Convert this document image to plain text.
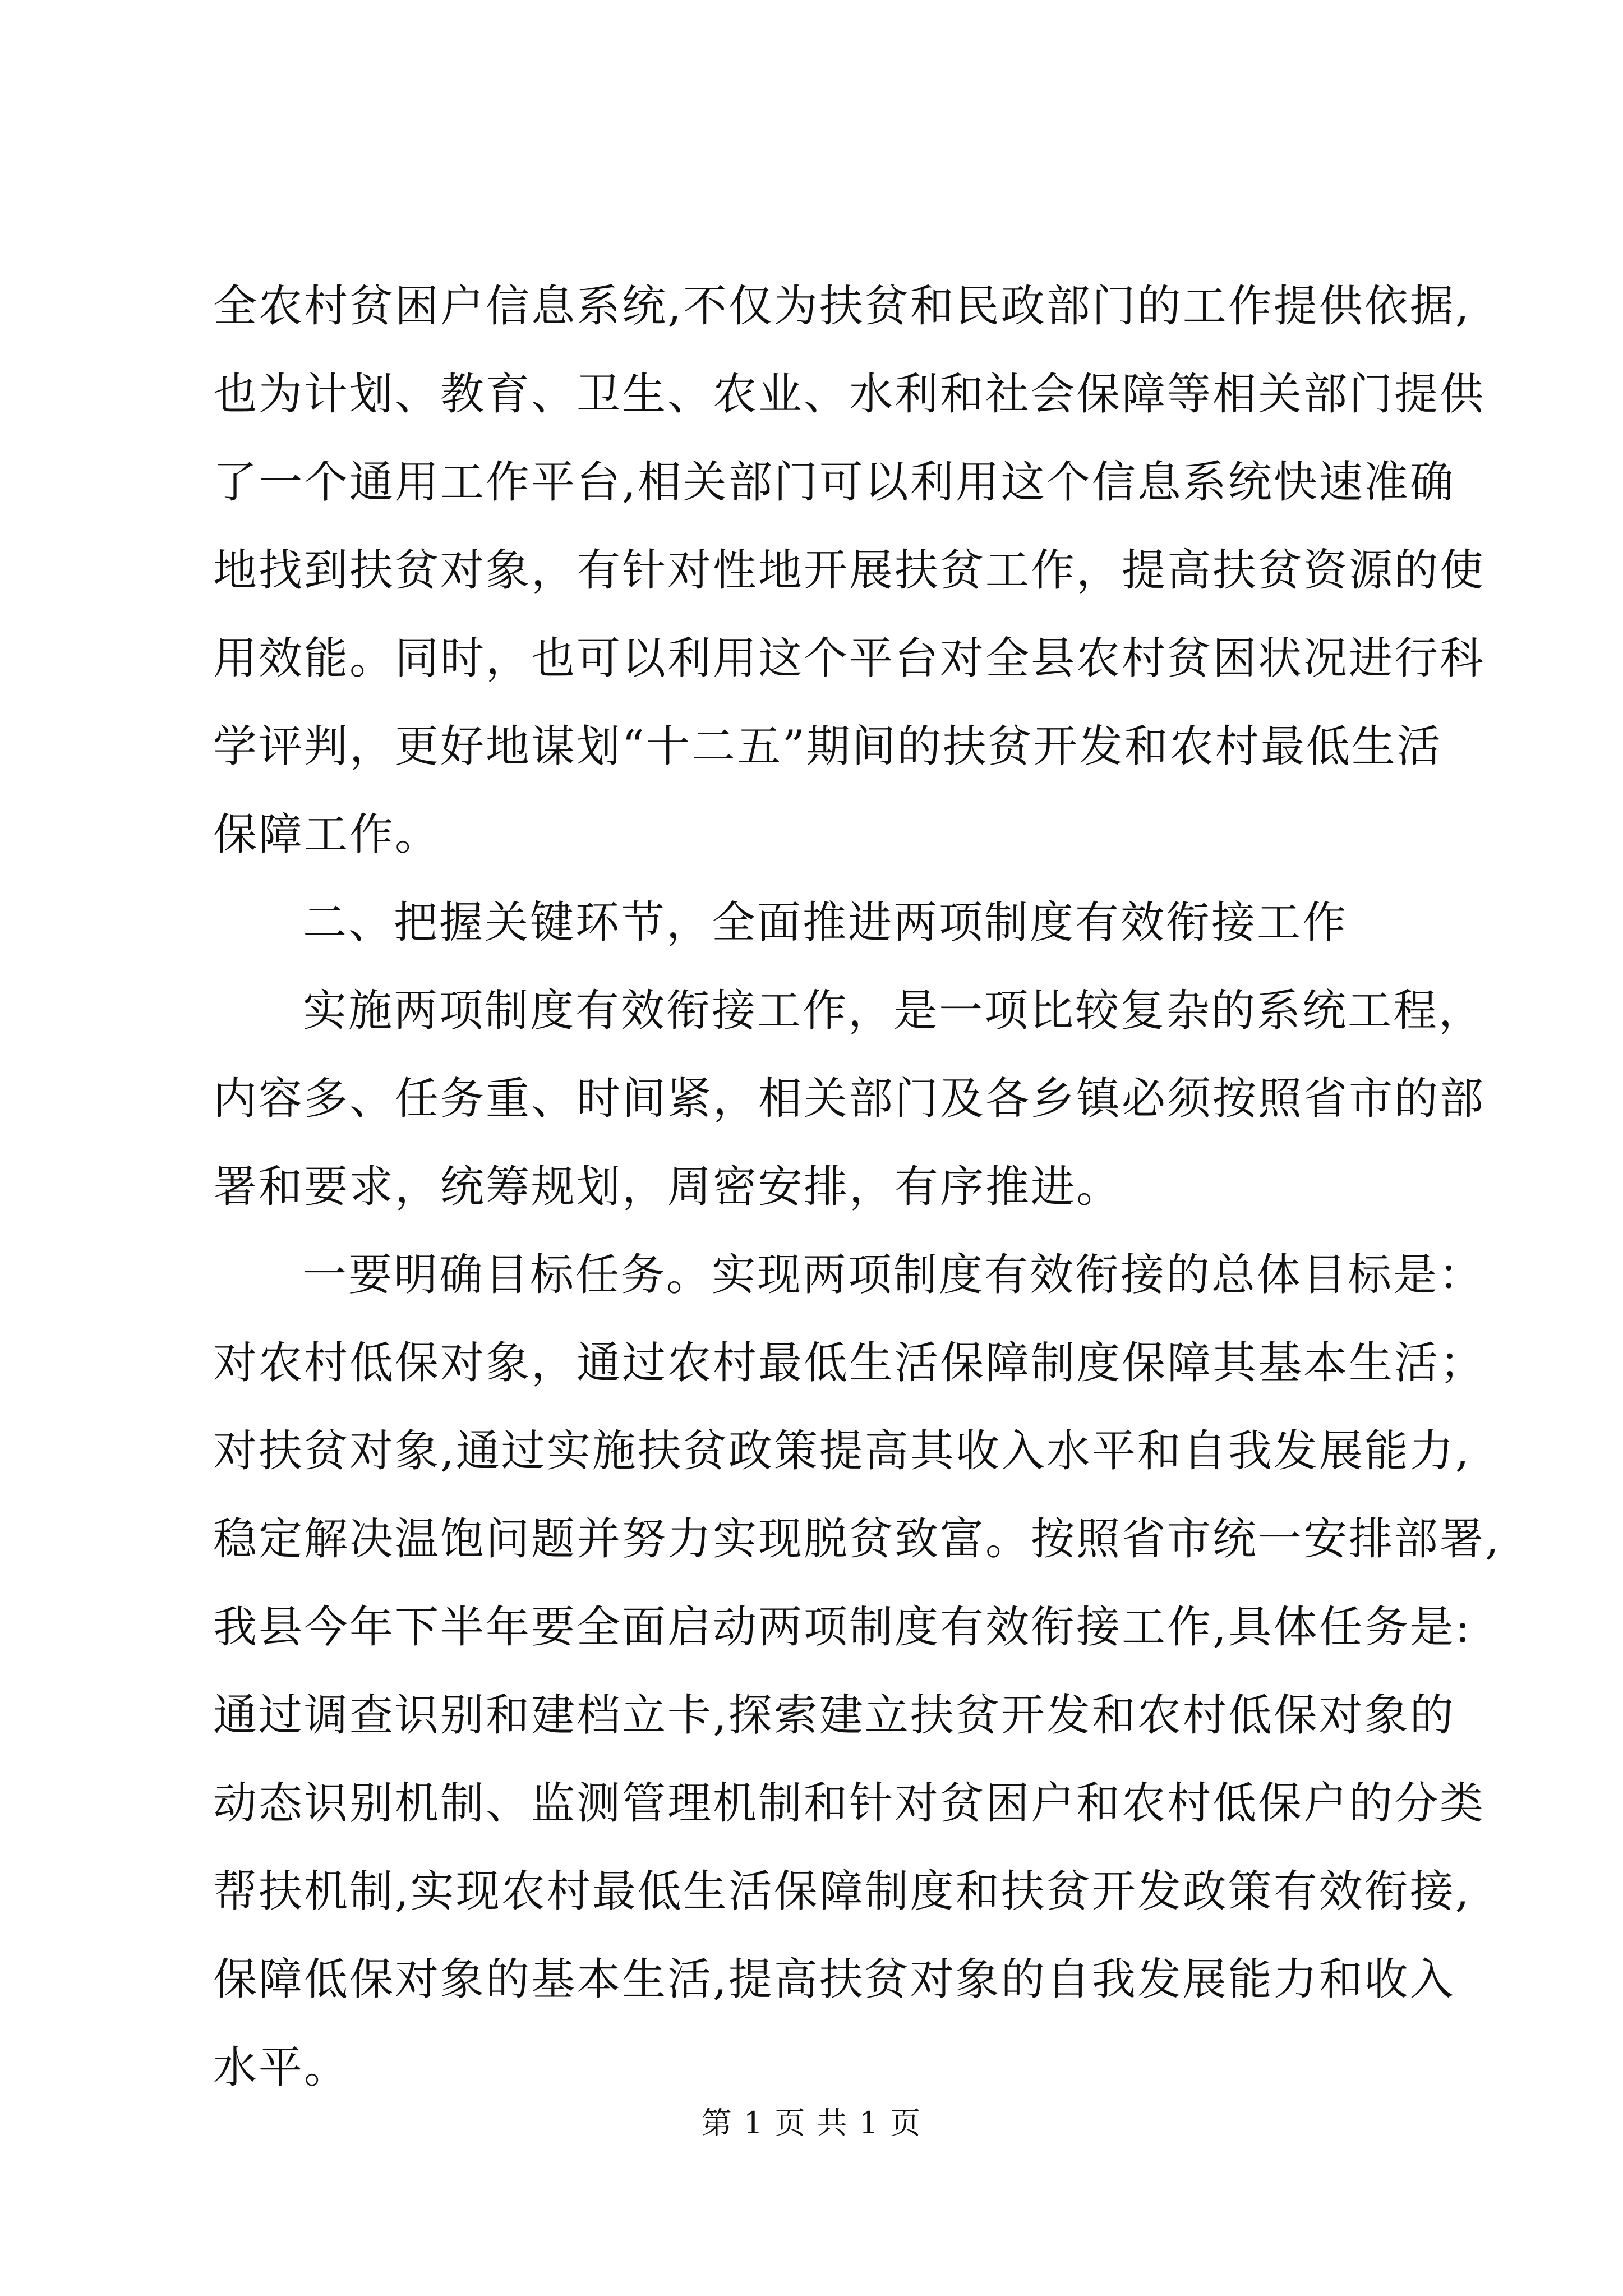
全农村贫困户信息系统,不仅为扶贫和民政部门的工作提供依据,
也为计划、教育、卫生、农业、水利和社会保障等相关部门提供
了一个通用工作平台,相关部门可以利用这个信息系统快速准确
地找到扶贫对象，有针对性地开展扶贫工作，提高扶贫资源的使
用效能。同时，也可以利用这个平台对全县农村贫困状况进行科
学评判，更好地谋划“十二五”期间的扶贫开发和农村最低生活
保障工作。
二、把握关键环节，全面推进两项制度有效衔接工作
实施两项制度有效衔接工作，是一项比较复杂的系统工程，
内容多、任务重、时间紧，相关部门及各乡镇必须按照省市的部
署和要求，统筹规划，周密安排，有序推进。
一要明确目标任务。实现两项制度有效衔接的总体目标是：
对农村低保对象，通过农村最低生活保障制度保障其基本生活；
对扶贫对象,通过实施扶贫政策提高其收入水平和自我发展能力,
稳定解决温饱问题并努力实现脱贫致富。按照省市统一安排部署,
我县今年下半年要全面启动两项制度有效衔接工作,具体任务是:
通过调查识别和建档立卡,探索建立扶贫开发和农村低保对象的
动态识别机制、监测管理机制和针对贫困户和农村低保户的分类
帮扶机制,实现农村最低生活保障制度和扶贫开发政策有效衔接,
保障低保对象的基本生活,提高扶贫对象的自我发展能力和收入
水平。
第 1 页 共 1 页
